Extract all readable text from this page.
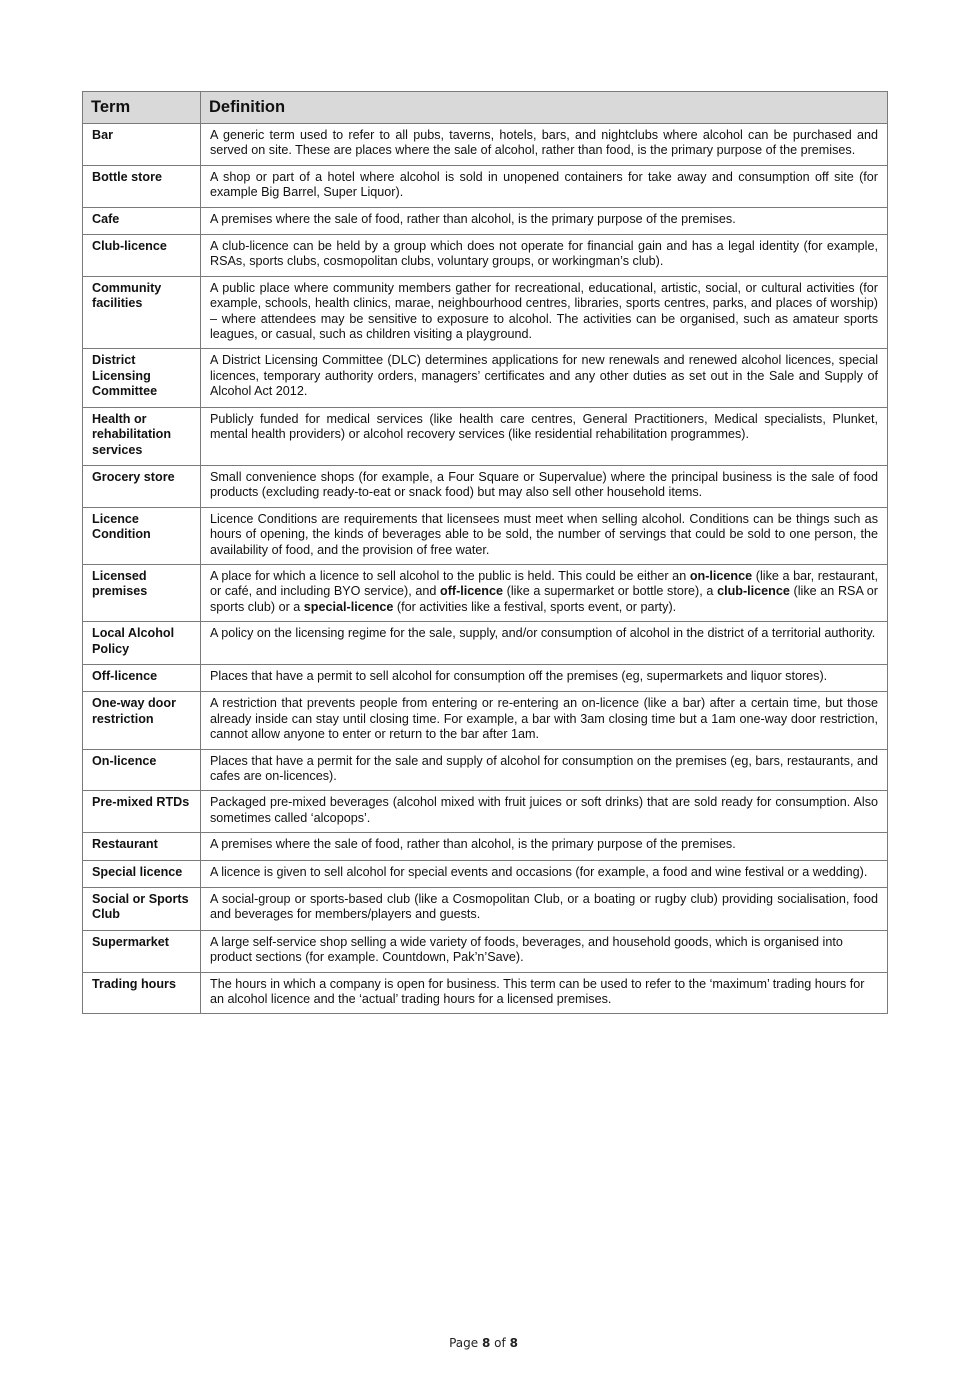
Term	Definition
Bar	A generic term used to refer to all pubs, taverns, hotels, bars, and nightclubs where alcohol can be purchased and served on site. These are places where the sale of alcohol, rather than food, is the primary purpose of the premises.
Bottle store	A shop or part of a hotel where alcohol is sold in unopened containers for take away and consumption off site (for example Big Barrel, Super Liquor).
Cafe	A premises where the sale of food, rather than alcohol, is the primary purpose of the premises.
Club-licence	A club-licence can be held by a group which does not operate for financial gain and has a legal identity (for example, RSAs, sports clubs, cosmopolitan clubs, voluntary groups, or workingman’s club).
Community facilities	A public place where community members gather for recreational, educational, artistic, social, or cultural activities (for example, schools, health clinics, marae, neighbourhood centres, libraries, sports centres, parks, and places of worship) – where attendees may be sensitive to exposure to alcohol. The activities can be organised, such as amateur sports leagues, or casual, such as children visiting a playground.
District Licensing Committee	A District Licensing Committee (DLC) determines applications for new renewals and renewed alcohol licences, special licences, temporary authority orders, managers’ certificates and any other duties as set out in the Sale and Supply of Alcohol Act 2012.
Health or rehabilitation services	Publicly funded for medical services (like health care centres, General Practitioners, Medical specialists, Plunket, mental health providers) or alcohol recovery services (like residential rehabilitation programmes).
Grocery store	Small convenience shops (for example, a Four Square or Supervalue) where the principal business is the sale of food products (excluding ready-to-eat or snack food) but may also sell other household items.
Licence Condition	Licence Conditions are requirements that licensees must meet when selling alcohol. Conditions can be things such as hours of opening, the kinds of beverages able to be sold, the number of servings that could be sold to one person, the availability of food, and the provision of free water.
Licensed premises	A place for which a licence to sell alcohol to the public is held. This could be either an on-licence (like a bar, restaurant, or café, and including BYO service), and off-licence (like a supermarket or bottle store), a club-licence (like an RSA or sports club) or a special-licence (for activities like a festival, sports event, or party).
Local Alcohol Policy	A policy on the licensing regime for the sale, supply, and/or consumption of alcohol in the district of a territorial authority.
Off-licence	Places that have a permit to sell alcohol for consumption off the premises (eg, supermarkets and liquor stores).
One-way door restriction	A restriction that prevents people from entering or re-entering an on-licence (like a bar) after a certain time, but those already inside can stay until closing time. For example, a bar with 3am closing time but a 1am one-way door restriction, cannot allow anyone to enter or return to the bar after 1am.
On-licence	Places that have a permit for the sale and supply of alcohol for consumption on the premises (eg, bars, restaurants, and cafes are on-licences).
Pre-mixed RTDs	Packaged pre-mixed beverages (alcohol mixed with fruit juices or soft drinks) that are sold ready for consumption. Also sometimes called ‘alcopops’.
Restaurant	A premises where the sale of food, rather than alcohol, is the primary purpose of the premises.
Special licence	A licence is given to sell alcohol for special events and occasions (for example, a food and wine festival or a wedding).
Social or Sports Club	A social-group or sports-based club (like a Cosmopolitan Club, or a boating or rugby club) providing socialisation, food and beverages for members/players and guests.
Supermarket	A large self-service shop selling a wide variety of foods, beverages, and household goods, which is organised into product sections (for example. Countdown, Pak’n’Save).
Trading hours	The hours in which a company is open for business. This term can be used to refer to the ‘maximum’ trading hours for an alcohol licence and the ‘actual’ trading hours for a licensed premises.
Page 8 of 8
